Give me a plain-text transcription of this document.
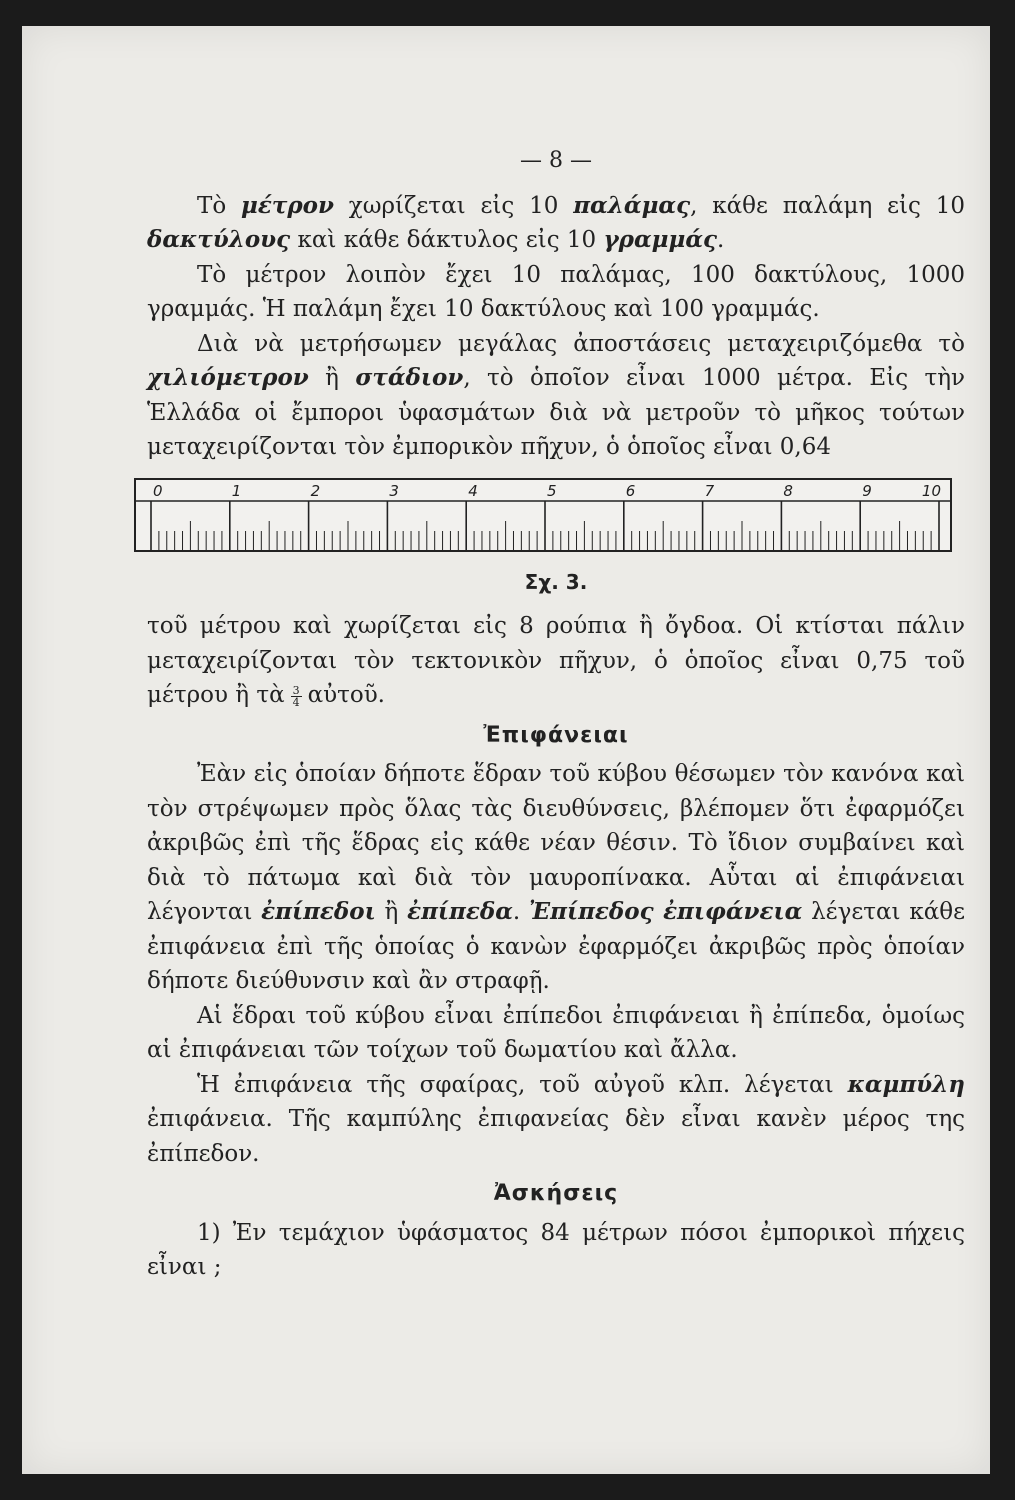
— 8 —

Τὸ μέτρον χωρίζεται εἰς 10 παλάμας, κάθε παλάμη εἰς 10 δακτύλους καὶ κάθε δάκτυλος εἰς 10 γραμμάς.

Τὸ μέτρον λοιπὸν ἔχει 10 παλάμας, 100 δακτύλους, 1000 γραμμάς. Ἡ παλάμη ἔχει 10 δακτύλους καὶ 100 γραμμάς.

Διὰ νὰ μετρήσωμεν μεγάλας ἀποστάσεις μεταχειριζόμεθα τὸ χιλιόμετρον ἢ στάδιον, τὸ ὁποῖον εἶναι 1000 μέτρα. Εἰς τὴν Ἑλλάδα οἱ ἔμποροι ὑφασμάτων διὰ νὰ μετροῦν τὸ μῆκος τούτων μεταχειρίζονται τὸν ἐμπορικὸν πῆχυν, ὁ ὁποῖος εἶναι 0,64

0	1	2	3	4	5	6	7	8	9	10
Σχ. 3.

τοῦ μέτρου καὶ χωρίζεται εἰς 8 ρούπια ἢ ὄγδοα. Οἱ κτίσται πάλιν μεταχειρίζονται τὸν τεκτονικὸν πῆχυν, ὁ ὁποῖος εἶναι 0,75 τοῦ μέτρου ἢ τὰ $\frac{3}{4}$ αὐτοῦ.

Ἐπιφάνειαι

Ἐὰν εἰς ὁποίαν δήποτε ἕδραν τοῦ κύβου θέσωμεν τὸν κανόνα καὶ τὸν στρέψωμεν πρὸς ὅλας τὰς διευθύνσεις, βλέπομεν ὅτι ἐφαρμόζει ἀκριβῶς ἐπὶ τῆς ἕδρας εἰς κάθε νέαν θέσιν. Τὸ ἴδιον συμβαίνει καὶ διὰ τὸ πάτωμα καὶ διὰ τὸν μαυροπίνακα. Αὗται αἱ ἐπιφάνειαι λέγονται ἐπίπεδοι ἢ ἐπίπεδα. Ἐπίπεδος ἐπιφάνεια λέγεται κάθε ἐπιφάνεια ἐπὶ τῆς ὁποίας ὁ κανὼν ἐφαρμόζει ἀκριβῶς πρὸς ὁποίαν δήποτε διεύθυνσιν καὶ ἂν στραφῇ.

Αἱ ἕδραι τοῦ κύβου εἶναι ἐπίπεδοι ἐπιφάνειαι ἢ ἐπίπεδα, ὁμοίως αἱ ἐπιφάνειαι τῶν τοίχων τοῦ δωματίου καὶ ἄλλα.

Ἡ ἐπιφάνεια τῆς σφαίρας, τοῦ αὐγοῦ κλπ. λέγεται καμπύλη ἐπιφάνεια. Τῆς καμπύλης ἐπιφανείας δὲν εἶναι κανὲν μέρος της ἐπίπεδον.

Ἀσκήσεις

1) Ἐν τεμάχιον ὑφάσματος 84 μέτρων πόσοι ἐμπορικοὶ πήχεις εἶναι ;
